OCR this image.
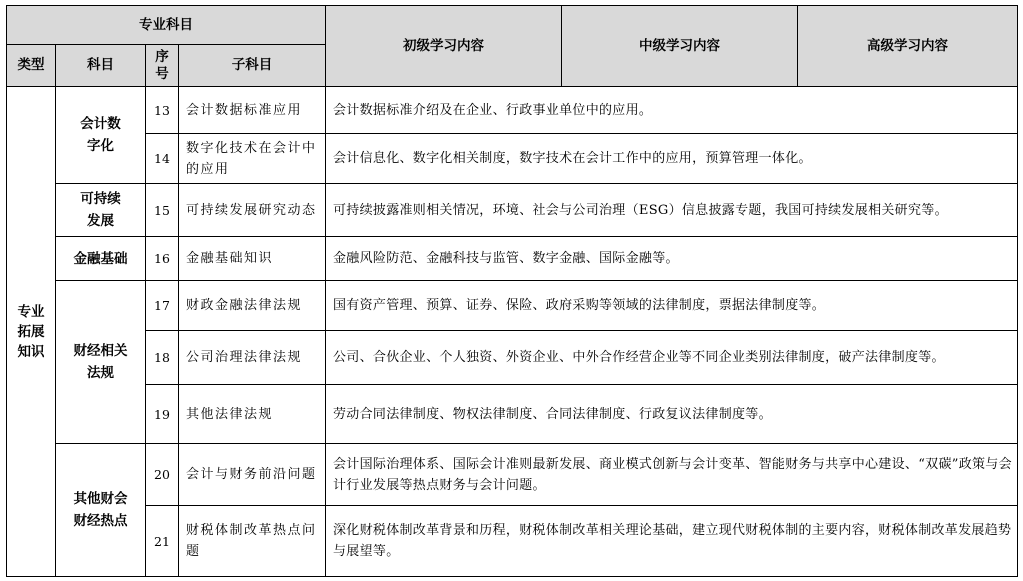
专业科目				初级学习内容	中级学习内容	高级学习内容
类型	科目	序号	子科目			
专业拓展知识	会计数字化	13	会计数据标准应用	会计数据标准介绍及在企业、行政事业单位中的应用。		
		14	数字化技术在会计中的应用	会计信息化、数字化相关制度，数字技术在会计工作中的应用，预算管理一体化。		
	可持续发展	15	可持续发展研究动态	可持续披露准则相关情况，环境、社会与公司治理（ESG）信息披露专题，我国可持续发展相关研究等。		
	金融基础	16	金融基础知识	金融风险防范、金融科技与监管、数字金融、国际金融等。		
	财经相关法规	17	财政金融法律法规	国有资产管理、预算、证券、保险、政府采购等领域的法律制度，票据法律制度等。		
		18	公司治理法律法规	公司、合伙企业、个人独资、外资企业、中外合作经营企业等不同企业类别法律制度，破产法律制度等。		
		19	其他法律法规	劳动合同法律制度、物权法律制度、合同法律制度、行政复议法律制度等。		
	其他财会财经热点	20	会计与财务前沿问题	会计国际治理体系、国际会计准则最新发展、商业模式创新与会计变革、智能财务与共享中心建设、“双碳”政策与会计行业发展等热点财务与会计问题。		
		21	财税体制改革热点问题	深化财税体制改革背景和历程，财税体制改革相关理论基础，建立现代财税体制的主要内容，财税体制改革发展趋势与展望等。		
